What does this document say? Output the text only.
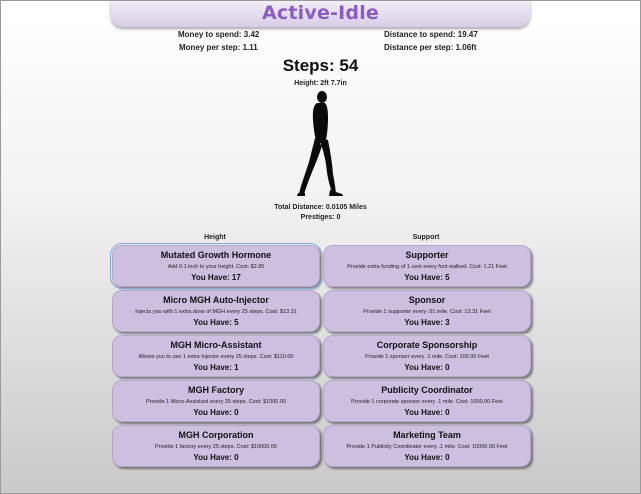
Active-Idle
Money to spend: 3.42
Money per step: 1.11
Distance to spend: 19.47
Distance per step: 1.06ft
Steps: 54
Height: 2ft 7.7in
Total Distance: 0.0105 Miles
Prestiges: 0
Height	Support
Mutated Growth Hormone
Add 0.1 inch to your height. Cost: $2.85
You Have: 17
Micro MGH Auto-Injector
Injects you with 1 extra dose of MGH every 25 steps. Cost: $13.31
You Have: 5
MGH Micro-Assistant
Allows you to use 1 extra Injector every 25 steps. Cost: $110.00
You Have: 1
MGH Factory
Provide 1 Micro-Assistant every 25 steps. Cost: $1000.00
You Have: 0
MGH Corporation
Provide 1 factory every 25 steps. Cost: $10000.00
You Have: 0
Supporter
Provide extra funding of 1 cent every foot walked. Cost: 1.21 Feet
You Have: 5
Sponsor
Provide 1 supporter every .01 mile. Cost: 13.31 Feet
You Have: 3
Corporate Sponsorship
Provide 1 sponsor every .1 mile. Cost: 100.00 Feet
You Have: 0
Publicity Coordinator
Provide 1 corporate sponsor every .1 mile. Cost: 1000.00 Feet
You Have: 0
Marketing Team
Provide 1 Publicity Coordinator every .1 mile. Cost: 10000.00 Feet
You Have: 0
